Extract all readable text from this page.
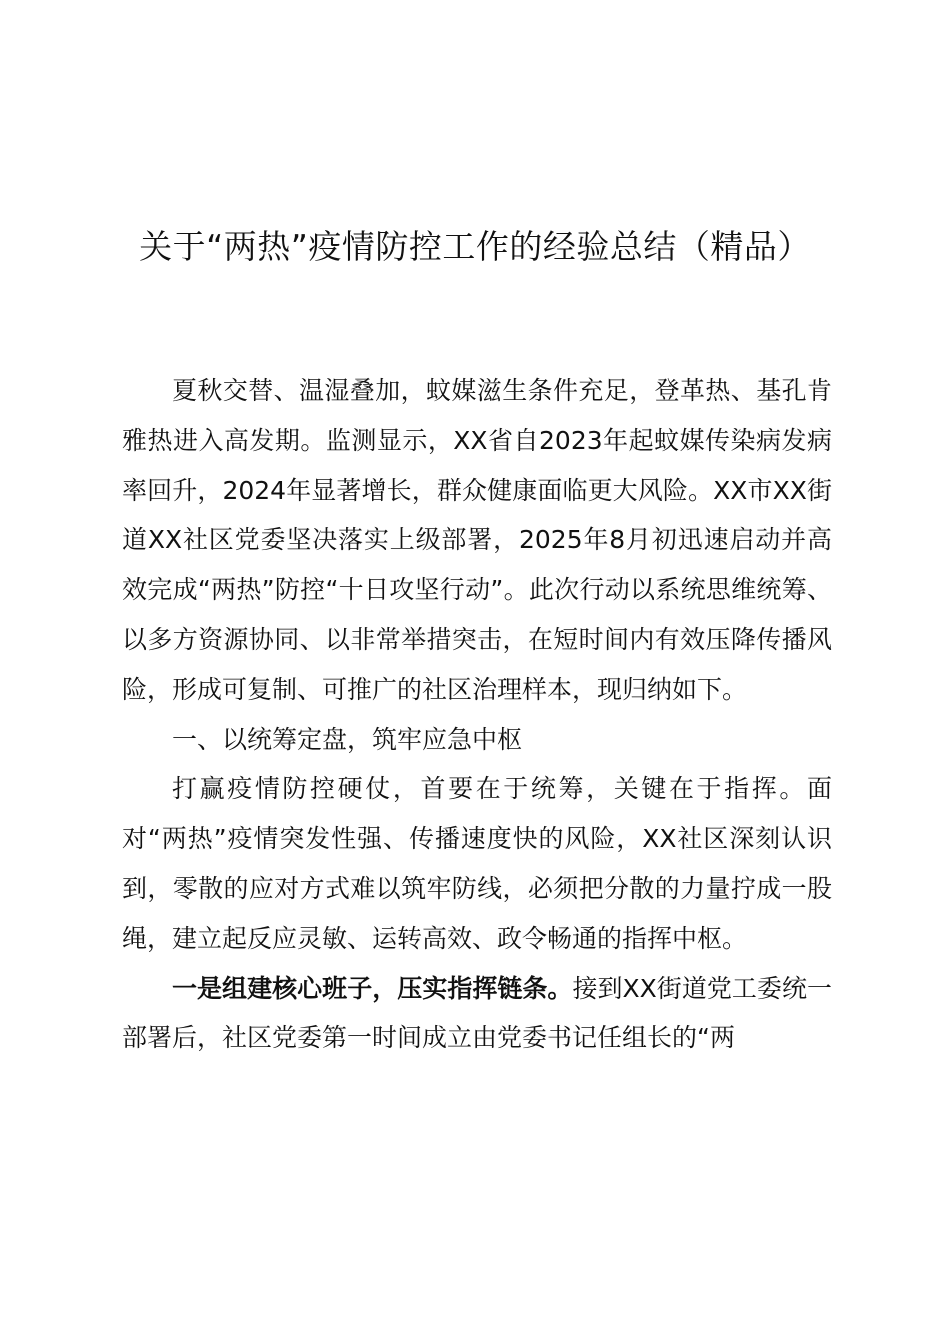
关于“两热”疫情防控工作的经验总结（精品）

夏秋交替、温湿叠加，蚊媒滋生条件充足，登革热、基孔肯雅热进入高发期。监测显示，XX省自2023年起蚊媒传染病发病率回升，2024年显著增长，群众健康面临更大风险。XX市XX街道XX社区党委坚决落实上级部署，2025年8月初迅速启动并高效完成“两热”防控“十日攻坚行动”。此次行动以系统思维统筹、以多方资源协同、以非常举措突击，在短时间内有效压降传播风险，形成可复制、可推广的社区治理样本，现归纳如下。

一、以统筹定盘，筑牢应急中枢

打赢疫情防控硬仗，首要在于统筹，关键在于指挥。面对“两热”疫情突发性强、传播速度快的风险，XX社区深刻认识到，零散的应对方式难以筑牢防线，必须把分散的力量拧成一股绳，建立起反应灵敏、运转高效、政令畅通的指挥中枢。

一是组建核心班子，压实指挥链条。接到XX街道党工委统一部署后，社区党委第一时间成立由党委书记任组长的“两
